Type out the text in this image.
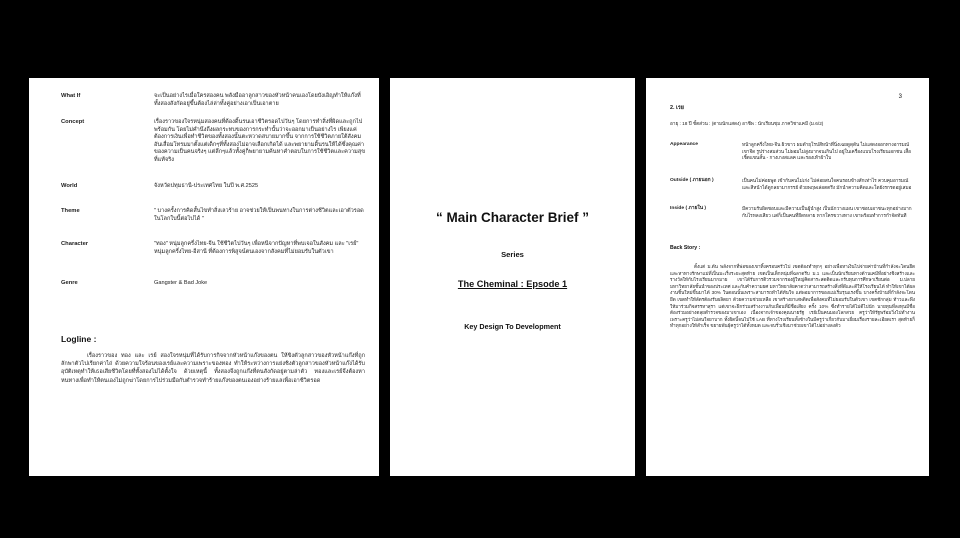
What If	จะเป็นอย่างไรเมื่อใครสองคน พลังมืออาลูกสาวของหัวหน้าคนเองโดยบังเอิญทำให้แก๊งที่ทั้งสองสังกัดอยู่ขึ้นต้องไล่ล่าทั้งคู่อย่างเอาเป็นเอาตาย
Concept	เรื่องราวของใจรหนุ่มสองคนที่ต้องดิ้นรนเอาชีวิตรอดไปวันๆ โดยการทำสิ่งที่ผิดและถูกไปพร้อมกัน โดยไม่คำนึงถึงผลกระทบของการกระทำนั้นว่าจะออกมาเป็นอย่างไร เพียงแค่ต้องการเงินเพื่อทำชีวิตของทั้งสองนั้นตะหวาดสบายมากขึ้น จากการใช้ชีวิตภายใต้สังคมอันเสื่อมโทรมมาตั้งแต่เด็กๆที่ทั้งสองไม่อาจเลือกเกิดได้ และพยายามดิ้นรนให้ได้ซึ่งคุณค่าของความเป็นคนจริงๆ แต่ลึกๆแล้วทั้งคู่ก็พยายามค้นหาคำตอบในการใช้ชีวิตและความสุขที่แท้จริง
World	จังหวัดปทุมธานี-ประเทศไทย ในปี พ.ศ.2525
Theme	" บางครั้งการคิดสั้นไขทำสิ่งเลวร้าย อาจช่วยให้เป็นพนทางในการต่างชีวิตและเอาตัวรอดในโลกใบนี้ต่อไปได้ "
Character	"ทอง" หนุ่มลูกครึ่งไทย-จีน ใช้ชีวิตไปวันๆ เพื่อหนีจากปัญหาที่พบเจอในสังคม และ "เรย์" หนุ่มลูกครึ่งไทย-อีสานี ที่ต้องการพิสูจน์ตนเองจากสังคมที่ไม่ยอมรับในตัวเขา
Genre	Gangster & Bad Joke
Logline :
เรื่องราวของ ทอง และ เรย์ สองใจรหนุ่มที่ได้รับการกิจจากหัวหน้าแก๊งของตน ให้ขิงตัวลูกสาวของหัวหน้าแก๊งที่ถูกลักพาตัวไปเรียกค่าไถ่ ด้วยความใจร้อนของเรย์และความเพราะของทอง ทำให้ระหว่างการแย่งชิงตัวลูกสาวของหัวหน้าแก๊งได้รับอุบัติเหตุทำให้เธอเสียชีวิตโดยที่ทั้งสองไม่ได้ตั้งใจ ด้วยเหตุนี้ ทั้งสองจึงถูกแก๊งที่ตนสังกัดอยู่ตามล่าตัว ทองและเรย์จึงต้องหาหนทางเพื่อทำให้ตนเองไม่ถูกฆ่าโดยการไปร่วมมือกับตำรวจทำร้ายแก๊งของตนเองอย่างร้ายแลเพื่อเอาชีวิตรอด
“ Main Character Brief ”
Series
The Cheminal : Epsode 1
Key Design To Development
3
2. เรย
อายุ : 18 ปี ชั้ตส่วน : (ตามนักแสดง) อาชีพ : นักเรียนชุม ภาควิชาแคมี (ม.6/2)
Appearance	หน้าลูกครึ่งไทย-จีน ผิวขาว ผมดำยุโรปสีหน้าที่นิ่งเฉยดูดุดัน ไม่แสดงออกทางอารมณ์เขาจีด รูปร่างสมส่วน ไม่ผอมไม่สูงมากจนเกินไป อยู่ในเครื่องแบบโรงเรียนเอกชน เสื้อเชิ้ตแขนสั้น - กางเกงสแลค และรองเท้าผ้าใบ
Outside ( ภายนอก )	เป็นคนไม่ค่อยพูด เข้ากับคนไม่เก่ง ไม่ค่อยสนใจคนรอบข้างสักเท่าไร ควบคุมอารมณ์และสีหน้าได้ดูกลยามากรรย์ ด้วยพฤษเล่อตตรึง มักนำความคิดและใดยังรกรดอยู่เสมอ
Inside ( ภายใน )	มีความรับผิดชอบและมีความเป็นผู้นำสูง เป็นนักวางแผน เขาชอบเอาชนะทุกอย่างมากกับไรหลงเสียว แต่ก็เป็นคนที่ยึดหลาย หากใครขวางทาง เขาพร้อมทำการกำจัดทันที
Back Story :
ตั้งแต่ ม.ต้น พลังจากที่พ่อของเขาทิ้งครอบครัวไป เขตต้องทำทุกๆ อย่างเพื่อหาเงินไปจ่ายค่าบ้านที่กำลังจะโดนยึด และหาทางรักษาแม่ที่เป็นมะเร็งระยะสุดท้าย เขตเป็นเด็กหนุ่มที่ฉลาดรีบ ม.1 และเป็นนักเรียนทางด้านเคมีที่อย่างชิงสร้างและรางวัลให้กับโรงเรียนมากมาย เขาได้รับการติวรวมจากรองผู้ใหญ่คิดสาระสดติดและกรับทุนการศึกษาเรียนต่อ ม.ปลาย มหาวิทยาลัยชั้นนำของประเทศ และกับคำความยศ มหาวิทยาลัยคาดว่าสามารถสร้างสิ่งที่ดีและดีให้โรงเรียนได้ ทำให้เขาได้ผลงานชิ้นใหม่ขึ้นมาได้ 30% ในตอนนั้นเพราะสามารถทำได้ทันใจ แต่พอมาการของแม่เริ่มรุนแรงขึ้น บางครั้งบ้านที่กำลังจะโดนยึด เขตทำให้ลัตรต้องรับผลิตยา ด้วยความช่วยเหลือ เขาสร้างยาเสพติดเพื่อสังคมที่ไม่ยอมรับในตัวเขา เขตชักกลุ่ม ท้าวและพึง ให้มาร่วมกิจสรรหาสุรา แต่เขาจะฝึกร่วมสร้างงานกับเพื่อนที่มีชื่อเสียง ครั้ง 10% ซึ่งทำรายได้ไม่ดีไปนัก นายทุนที่ลงทุนมีชื่อต้องร่วมอย่างตลุยตำรวจของมาเขาเอง เนื่องจากเจ้าของคุณนายรัฐ เรย์เป็นคนมองโลกสวย ครูว่าให้รัฐพร้อมวิ่งไปทำงาน เพราะครูว่าไม่สนใจยาบาก ทั้งผิดนี้จนไปใช้ LAB ที่ทางโรงเรียนทั้งข้างในมีครูว่าเกี่ยวกับมาเยี่ยมเรื่องรายละเอียดเรา สุดท้ายก็ทำทุกอย่างให้สำเร็จ ขยายพันธุ์ครูว่าได้ทั้งหมด และจบรั่วเชิงมาช่วยเขาได้ไปอย่างลงตัว
